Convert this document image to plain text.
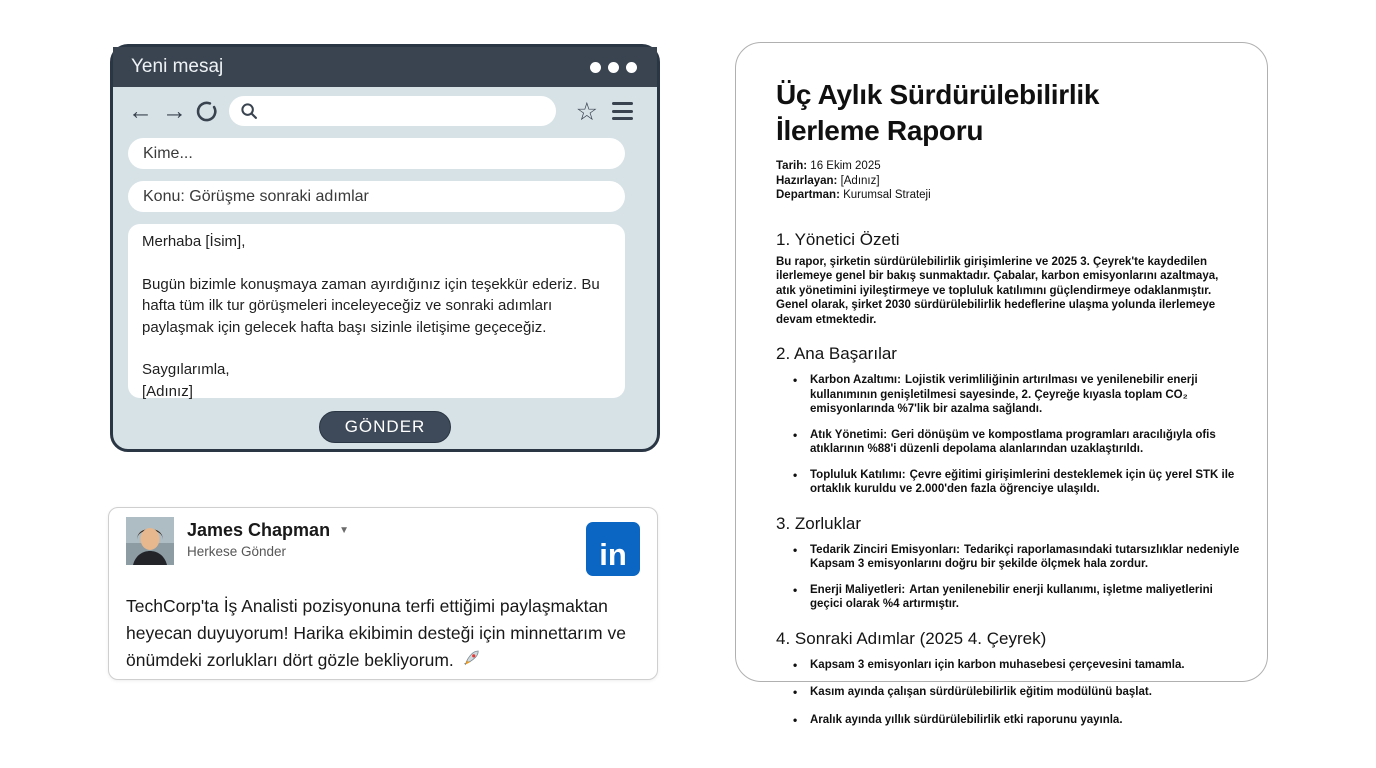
Yeni mesaj
← →	☆
Kime...
Konu: Görüşme sonraki adımlar

Merhaba [İsim],

Bugün bizimle konuşmaya zaman ayırdığınız için teşekkür ederiz. Bu hafta tüm ilk tur görüşmeleri inceleyeceğiz ve sonraki adımları paylaşmak için gelecek hafta başı sizinle iletişime geçeceğiz.

Saygılarımla,

[Adınız]

GÖNDER
James Chapman ▼
Herkese Gönder	in
TechCorp'ta İş Analisti pozisyonuna terfi ettiğimi paylaşmaktan heyecan duyuyorum! Harika ekibimin desteği için minnettarım ve önümdeki zorlukları dört gözle bekliyorum.
Üç Aylık Sürdürülebilirlik İlerleme Raporu
Tarih: 16 Ekim 2025
Hazırlayan: [Adınız]
Departman: Kurumsal Strateji
1. Yönetici Özeti
Bu rapor, şirketin sürdürülebilirlik girişimlerine ve 2025 3. Çeyrek'te kaydedilen ilerlemeye genel bir bakış sunmaktadır. Çabalar, karbon emisyonlarını azaltmaya, atık yönetimini iyileştirmeye ve topluluk katılımını güçlendirmeye odaklanmıştır. Genel olarak, şirket 2030 sürdürülebilirlik hedeflerine ulaşma yolunda ilerlemeye devam etmektedir.
2. Ana Başarılar
• Karbon Azaltımı: Lojistik verimliliğinin artırılması ve yenilenebilir enerji kullanımının genişletilmesi sayesinde, 2. Çeyreğe kıyasla toplam CO₂ emisyonlarında %7'lik bir azalma sağlandı.
• Atık Yönetimi: Geri dönüşüm ve kompostlama programları aracılığıyla ofis atıklarının %88'i düzenli depolama alanlarından uzaklaştırıldı.
• Topluluk Katılımı: Çevre eğitimi girişimlerini desteklemek için üç yerel STK ile ortaklık kuruldu ve 2.000'den fazla öğrenciye ulaşıldı.
3. Zorluklar
• Tedarik Zinciri Emisyonları: Tedarikçi raporlamasındaki tutarsızlıklar nedeniyle Kapsam 3 emisyonlarını doğru bir şekilde ölçmek hala zordur.
• Enerji Maliyetleri: Artan yenilenebilir enerji kullanımı, işletme maliyetlerini geçici olarak %4 artırmıştır.
4. Sonraki Adımlar (2025 4. Çeyrek)
• Kapsam 3 emisyonları için karbon muhasebesi çerçevesini tamamla.
• Kasım ayında çalışan sürdürülebilirlik eğitim modülünü başlat.
• Aralık ayında yıllık sürdürülebilirlik etki raporunu yayınla.
